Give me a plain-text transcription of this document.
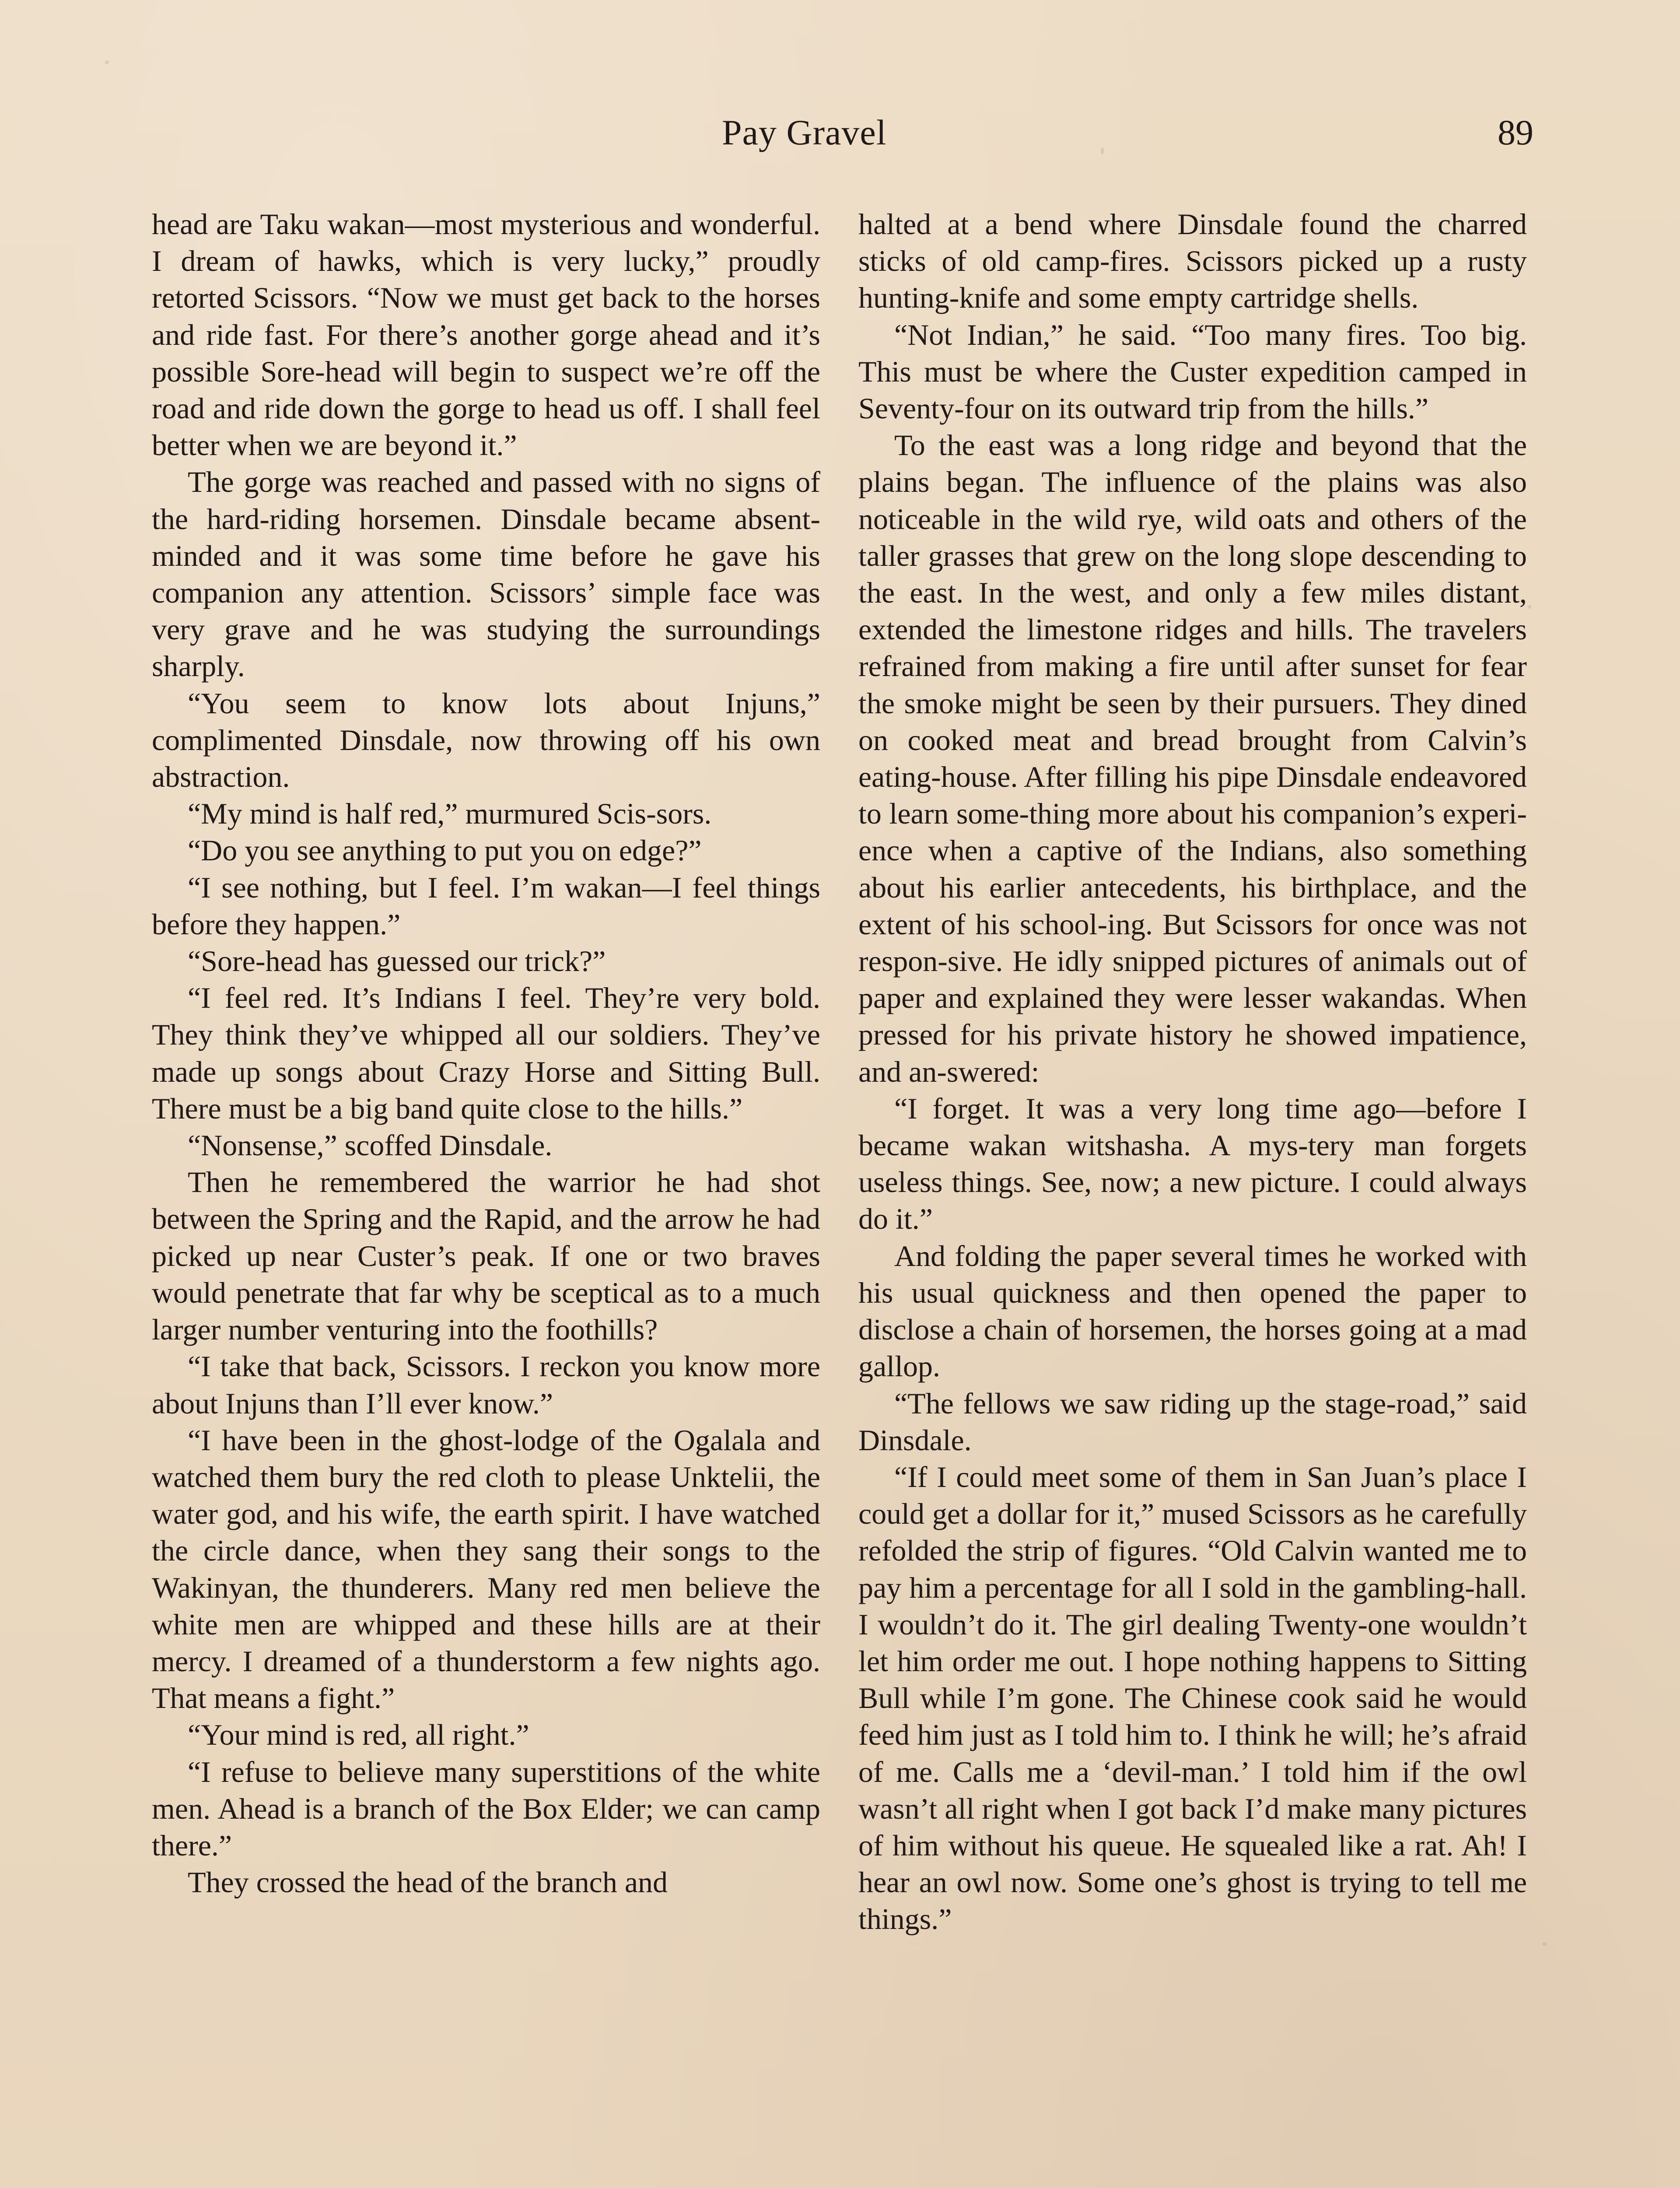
Pay Gravel	89

head are Taku wakan—most mysterious and wonderful. I dream of hawks, which is very lucky,” proudly retorted Scissors. “Now we must get back to the horses and ride fast. For there’s another gorge ahead and it’s possible Sore-head will begin to suspect we’re off the road and ride down the gorge to head us off. I shall feel better when we are beyond it.”

The gorge was reached and passed with no signs of the hard-riding horsemen. Dinsdale became absent-minded and it was some time before he gave his companion any attention. Scissors’ simple face was very grave and he was studying the surroundings sharply.

“You seem to know lots about Injuns,” complimented Dinsdale, now throwing off his own abstraction.

“My mind is half red,” murmured Scis-sors.

“Do you see anything to put you on edge?”

“I see nothing, but I feel. I’m wakan—I feel things before they happen.”

“Sore-head has guessed our trick?”

“I feel red. It’s Indians I feel. They’re very bold. They think they’ve whipped all our soldiers. They’ve made up songs about Crazy Horse and Sitting Bull. There must be a big band quite close to the hills.”

“Nonsense,” scoffed Dinsdale.

Then he remembered the warrior he had shot between the Spring and the Rapid, and the arrow he had picked up near Custer’s peak. If one or two braves would penetrate that far why be sceptical as to a much larger number venturing into the foothills?

“I take that back, Scissors. I reckon you know more about Injuns than I’ll ever know.”

“I have been in the ghost-lodge of the Ogalala and watched them bury the red cloth to please Unktelii, the water god, and his wife, the earth spirit. I have watched the circle dance, when they sang their songs to the Wakinyan, the thunderers. Many red men believe the white men are whipped and these hills are at their mercy. I dreamed of a thunderstorm a few nights ago. That means a fight.”

“Your mind is red, all right.”

“I refuse to believe many superstitions of the white men. Ahead is a branch of the Box Elder; we can camp there.”

They crossed the head of the branch and

halted at a bend where Dinsdale found the charred sticks of old camp-fires. Scissors picked up a rusty hunting-knife and some empty cartridge shells.

“Not Indian,” he said. “Too many fires. Too big. This must be where the Custer expedition camped in Seventy-four on its outward trip from the hills.”

To the east was a long ridge and beyond that the plains began. The influence of the plains was also noticeable in the wild rye, wild oats and others of the taller grasses that grew on the long slope descending to the east. In the west, and only a few miles distant, extended the limestone ridges and hills. The travelers refrained from making a fire until after sunset for fear the smoke might be seen by their pursuers. They dined on cooked meat and bread brought from Calvin’s eating-house. After filling his pipe Dinsdale endeavored to learn some-thing more about his companion’s experi-ence when a captive of the Indians, also something about his earlier antecedents, his birthplace, and the extent of his school-ing. But Scissors for once was not respon-sive. He idly snipped pictures of animals out of paper and explained they were lesser wakandas. When pressed for his private history he showed impatience, and an-swered:

“I forget. It was a very long time ago—before I became wakan witshasha. A mys-tery man forgets useless things. See, now; a new picture. I could always do it.”

And folding the paper several times he worked with his usual quickness and then opened the paper to disclose a chain of horsemen, the horses going at a mad gallop.

“The fellows we saw riding up the stage-road,” said Dinsdale.

“If I could meet some of them in San Juan’s place I could get a dollar for it,” mused Scissors as he carefully refolded the strip of figures. “Old Calvin wanted me to pay him a percentage for all I sold in the gambling-hall. I wouldn’t do it. The girl dealing Twenty-one wouldn’t let him order me out. I hope nothing happens to Sitting Bull while I’m gone. The Chinese cook said he would feed him just as I told him to. I think he will; he’s afraid of me. Calls me a ‘devil-man.’ I told him if the owl wasn’t all right when I got back I’d make many pictures of him without his queue. He squealed like a rat. Ah! I hear an owl now. Some one’s ghost is trying to tell me things.”
